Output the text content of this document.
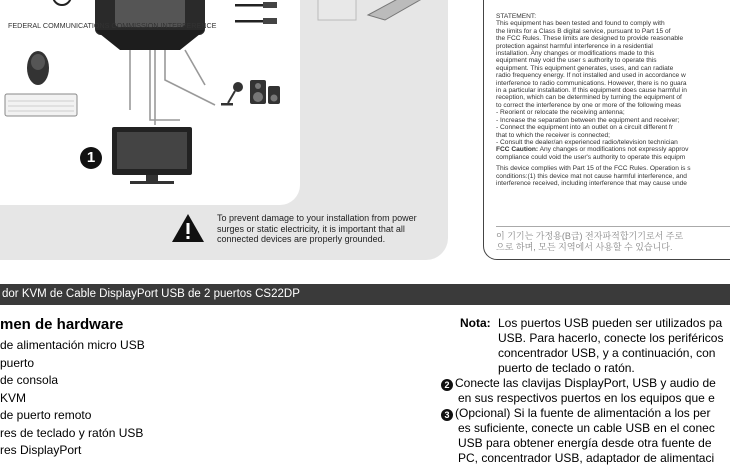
1
To prevent damage to your installation from power
surges or static electricity, it is important that all
connected devices are properly grounded.
FEDERAL COMMUNICATIONS COMMISSION INTERFERENCE

STATEMENT:

This equipment has been tested and found to comply with

the limits for a Class B digital service, pursuant to Part 15 of

the FCC Rules. These limits are designed to provide reasonable

protection against harmful interference in a residential

installation. Any changes or modifications made to this

equipment may void the user s authority to operate this

equipment. This equipment generates, uses, and can radiate

radio frequency energy. If not installed and used in accordance w

interference to radio communications. However, there is no guara

in a particular installation. If this equipment does cause harmful in

reception, which can be determined by turning the equipment of

to correct the interference by one or more of the following meas

- Reorient or relocate the receiving antenna;

- Increase the separation between the equipment and receiver;

- Connect the equipment into an outlet on a circuit different fr

that to which the receiver is connected;

- Consult the dealer/an experienced radio/television technician

FCC Caution: Any changes or modifications not expressly approv

compliance could void the user's authority to operate this equipm

This device complies with Part 15 of the FCC Rules. Operation is s

conditions:(1) this device mat not cause harmful interference, and

interference received, including interference that may cause unde

이 기기는 가정용(B급) 전자파적합기기로서 주로
으로 하며, 모든 지역에서 사용할 수 있습니다.
dor KVM de Cable DisplayPort USB de 2 puertos CS22DP
men de hardware
de alimentación micro USB
puerto
de consola
KVM
de puerto remoto
res de teclado y ratón USB
res DisplayPort
Nota: Los puertos USB pueden ser utilizados pa
USB. Para hacerlo, conecte los periféricos
concentrador USB, y a continuación, con
puerto de teclado o ratón.
2 Conecte las clavijas DisplayPort, USB y audio de
en sus respectivos puertos en los equipos que e
3 (Opcional) Si la fuente de alimentación a los per
es suficiente, conecte un cable USB en el conec
USB para obtener energía desde otra fuente de
PC, concentrador USB, adaptador de alimentaci
